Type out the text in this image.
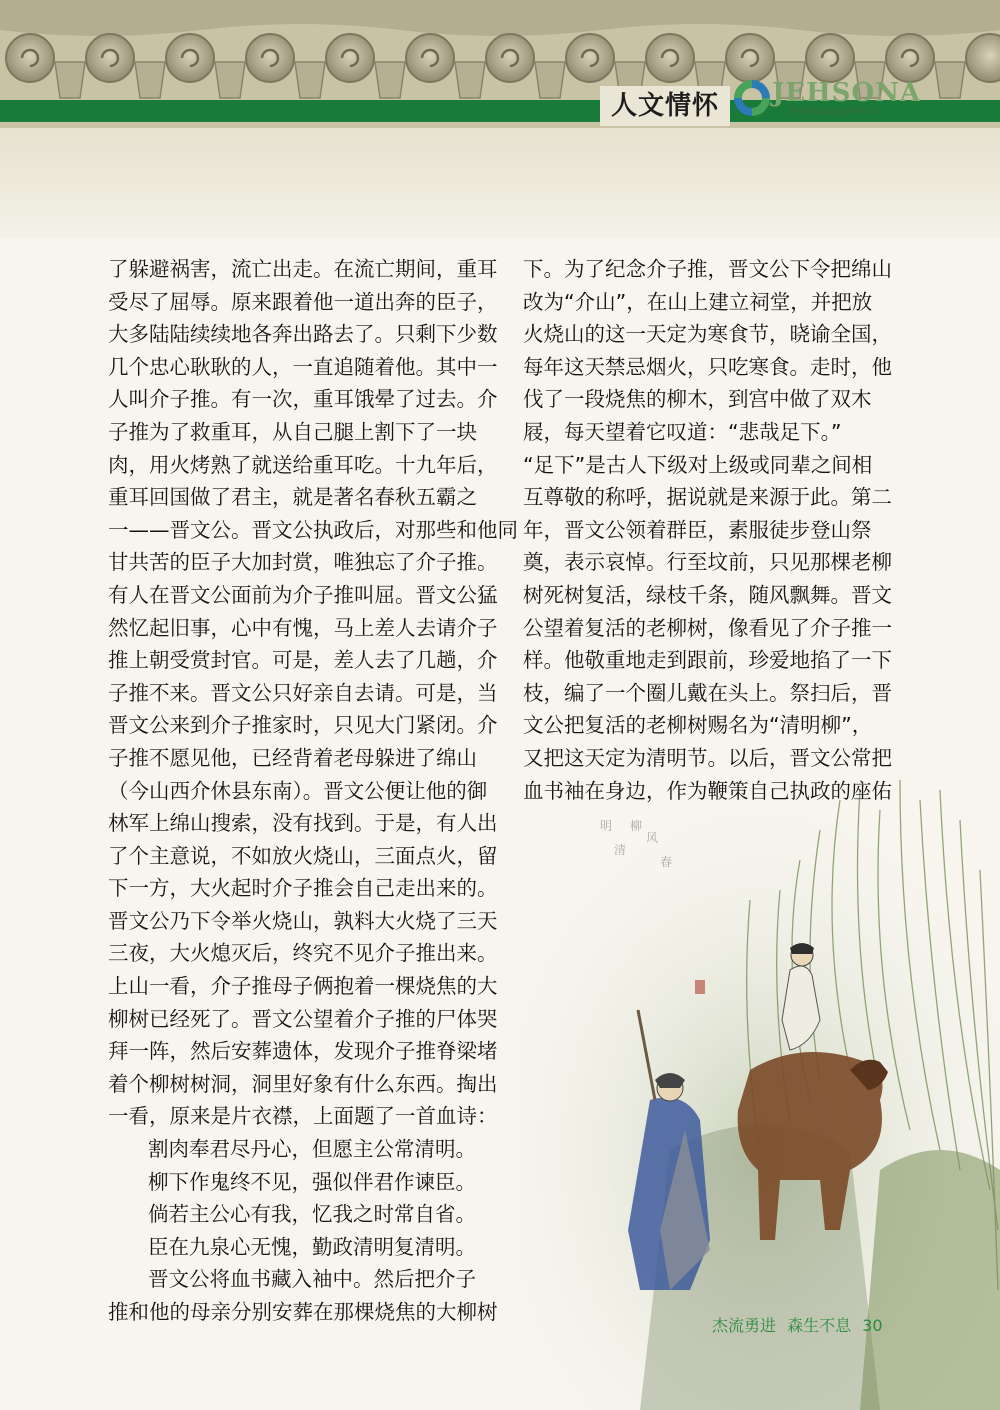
人文情怀	JEHSONA
Textiles&apparel&Co.
柳
风
清
明
春
了躲避祸害，流亡出走。在流亡期间，重耳
受尽了屈辱。原来跟着他一道出奔的臣子，
大多陆陆续续地各奔出路去了。只剩下少数
几个忠心耿耿的人，一直追随着他。其中一
人叫介子推。有一次，重耳饿晕了过去。介
子推为了救重耳，从自己腿上割下了一块
肉，用火烤熟了就送给重耳吃。十九年后，
重耳回国做了君主，就是著名春秋五霸之
一——晋文公。晋文公执政后，对那些和他同
甘共苦的臣子大加封赏，唯独忘了介子推。
有人在晋文公面前为介子推叫屈。晋文公猛
然忆起旧事，心中有愧，马上差人去请介子
推上朝受赏封官。可是，差人去了几趟，介
子推不来。晋文公只好亲自去请。可是，当
晋文公来到介子推家时，只见大门紧闭。介
子推不愿见他，已经背着老母躲进了绵山
（今山西介休县东南）。晋文公便让他的御
林军上绵山搜索，没有找到。于是，有人出
了个主意说，不如放火烧山，三面点火，留
下一方，大火起时介子推会自己走出来的。
晋文公乃下令举火烧山，孰料大火烧了三天
三夜，大火熄灭后，终究不见介子推出来。
上山一看，介子推母子俩抱着一棵烧焦的大
柳树已经死了。晋文公望着介子推的尸体哭
拜一阵，然后安葬遗体，发现介子推脊梁堵
着个柳树树洞，洞里好象有什么东西。掏出
一看，原来是片衣襟，上面题了一首血诗：
割肉奉君尽丹心，但愿主公常清明。
柳下作鬼终不见，强似伴君作谏臣。
倘若主公心有我，忆我之时常自省。
臣在九泉心无愧，勤政清明复清明。
晋文公将血书藏入袖中。然后把介子
推和他的母亲分别安葬在那棵烧焦的大柳树
下。为了纪念介子推，晋文公下令把绵山
改为“介山”，在山上建立祠堂，并把放
火烧山的这一天定为寒食节，晓谕全国，
每年这天禁忌烟火，只吃寒食。走时，他
伐了一段烧焦的柳木，到宫中做了双木
屐，每天望着它叹道：“悲哉足下。”
“足下”是古人下级对上级或同辈之间相
互尊敬的称呼，据说就是来源于此。第二
年，晋文公领着群臣，素服徒步登山祭
奠，表示哀悼。行至坟前，只见那棵老柳
树死树复活，绿枝千条，随风飘舞。晋文
公望着复活的老柳树，像看见了介子推一
样。他敬重地走到跟前，珍爱地掐了一下
枝，编了一个圈儿戴在头上。祭扫后，晋
文公把复活的老柳树赐名为“清明柳”，
又把这天定为清明节。以后，晋文公常把
血书袖在身边，作为鞭策自己执政的座佑
杰流勇进 森生不息 30
